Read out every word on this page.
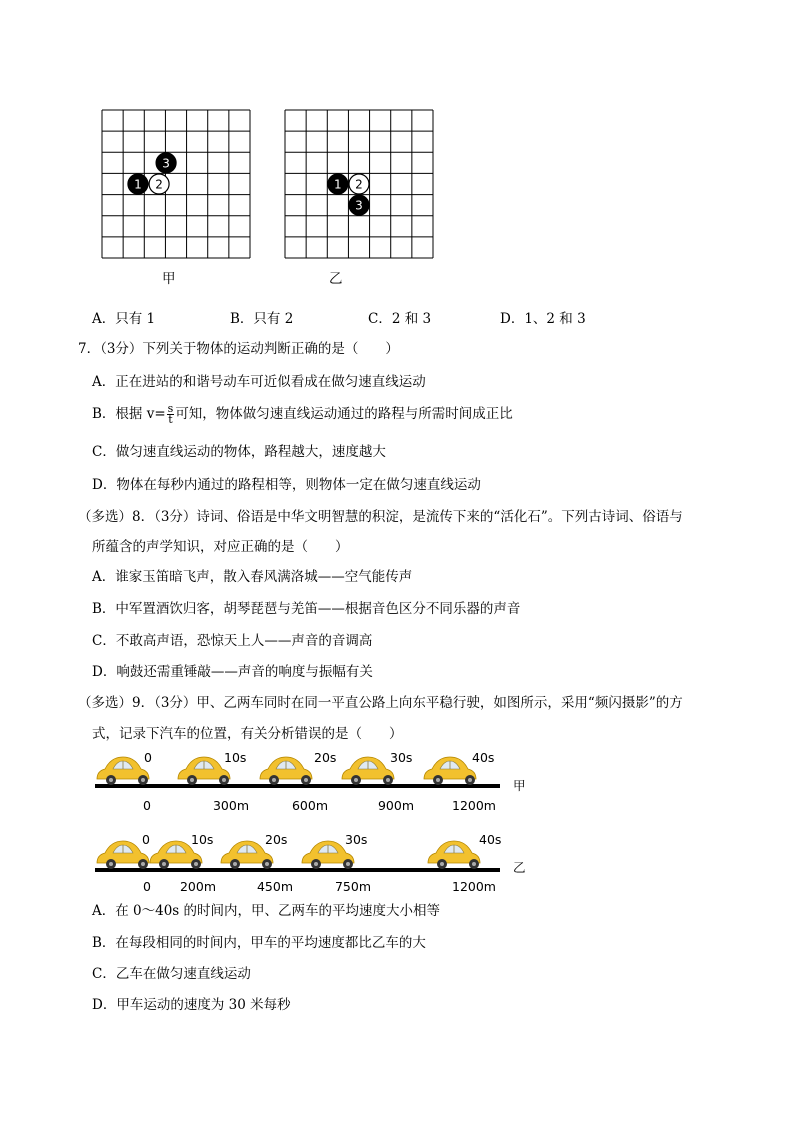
3
1 2	1 2
3
甲	乙
A．只有 1	B．只有 2	C．2 和 3	D．1、2 和 3
7．（3分）下列关于物体的运动判断正确的是（　　）
A．正在进站的和谐号动车可近似看成在做匀速直线运动
B．根据 $v= \frac{s}{t}$ 可知，物体做匀速直线运动通过的路程与所需时间成正比
C．做匀速直线运动的物体，路程越大，速度越大
D．物体在每秒内通过的路程相等，则物体一定在做匀速直线运动
（多选）8．（3分）诗词、俗语是中华文明智慧的积淀，是流传下来的“活化石”。下列古诗词、俗语与
所蕴含的声学知识，对应正确的是（　　）
A．谁家玉笛暗飞声，散入春风满洛城——空气能传声
B．中军置酒饮归客，胡琴琵琶与羌笛——根据音色区分不同乐器的声音
C．不敢高声语，恐惊天上人——声音的音调高
D．响鼓还需重锤敲——声音的响度与振幅有关
（多选）9．（3分）甲、乙两车同时在同一平直公路上向东平稳行驶，如图所示，采用“频闪摄影”的方
式，记录下汽车的位置，有关分析错误的是（　　）
0
0
10s
300m
20s
600m
30s
900m
40s
1200m
甲
0
0
10s
200m
20s
450m
30s
750m
40s
1200m
乙
A．在 0～40s 的时间内，甲、乙两车的平均速度大小相等
B．在每段相同的时间内，甲车的平均速度都比乙车的大
C．乙车在做匀速直线运动
D．甲车运动的速度为 30 米每秒
